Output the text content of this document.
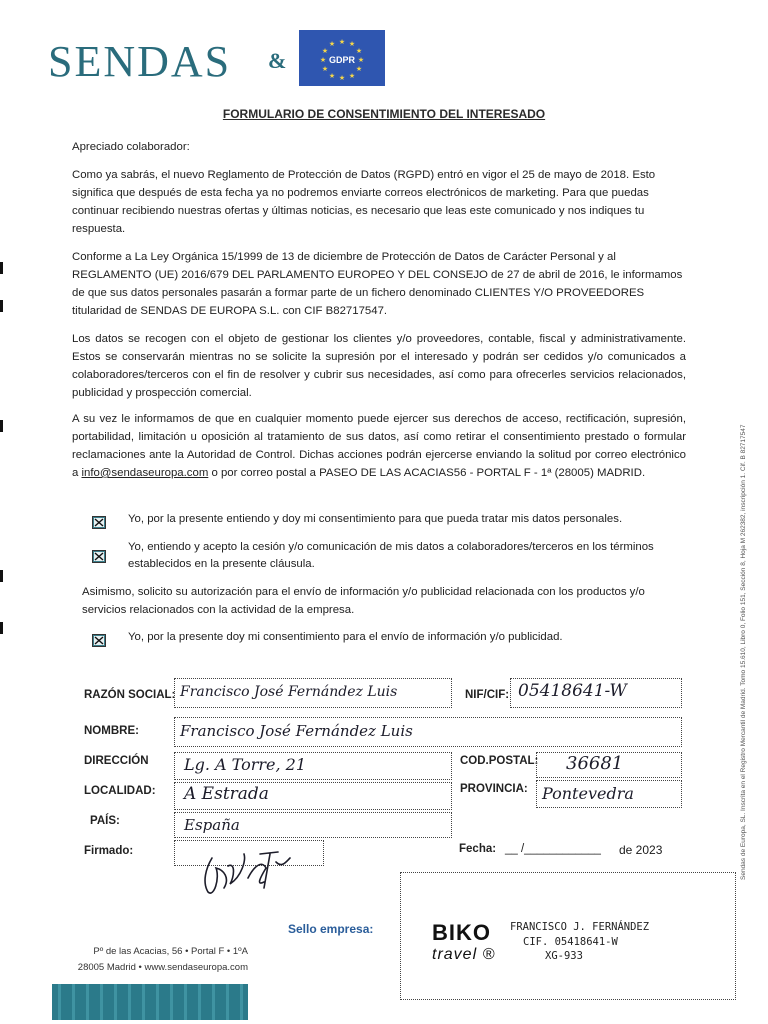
SENDAS &
★ ★
★
★
★
★
★
★
★
★
★
★
GDPR
FORMULARIO DE CONSENTIMIENTO DEL INTERESADO
Apreciado colaborador:
Como ya sabrás, el nuevo Reglamento de Protección de Datos (RGPD) entró en vigor el 25 de mayo de 2018. Esto significa que después de esta fecha ya no podremos enviarte correos electrónicos de marketing. Para que puedas continuar recibiendo nuestras ofertas y últimas noticias, es necesario que leas este comunicado y nos indiques tu respuesta.
Conforme a La Ley Orgánica 15/1999 de 13 de diciembre de Protección de Datos de Carácter Personal y al REGLAMENTO (UE) 2016/679 DEL PARLAMENTO EUROPEO Y DEL CONSEJO de 27 de abril de 2016, le informamos de que sus datos personales pasarán a formar parte de un fichero denominado CLIENTES Y/O PROVEEDORES titularidad de SENDAS DE EUROPA S.L. con CIF B82717547.
Los datos se recogen con el objeto de gestionar los clientes y/o proveedores, contable, fiscal y administrativamente. Estos se conservarán mientras no se solicite la supresión por el interesado y podrán ser cedidos y/o comunicados a colaboradores/terceros con el fin de resolver y cubrir sus necesidades, así como para ofrecerles servicios relacionados, publicidad y prospección comercial.
A su vez le informamos de que en cualquier momento puede ejercer sus derechos de acceso, rectificación, supresión, portabilidad, limitación u oposición al tratamiento de sus datos, así como retirar el consentimiento prestado o formular reclamaciones ante la Autoridad de Control. Dichas acciones podrán ejercerse enviando la solitud por correo electrónico a info@sendaseuropa.com o por correo postal a PASEO DE LAS ACACIAS56 - PORTAL F - 1ª (28005) MADRID.
Yo, por la presente entiendo y doy mi consentimiento para que pueda tratar mis datos personales.
Yo, entiendo y acepto la cesión y/o comunicación de mis datos a colaboradores/terceros en los términos establecidos en la presente cláusula.
Asimismo, solicito su autorización para el envío de información y/o publicidad relacionada con los productos y/o servicios relacionados con la actividad de la empresa.
Yo, por la presente doy mi consentimiento para el envío de información y/o publicidad.
RAZÓN SOCIAL: Francisco José Fernández Luis	NIF/CIF: 05418641-W
NOMBRE:	Francisco José Fernández Luis
DIRECCIÓN Lg. A Torre, 21	COD.POSTAL: 36681
LOCALIDAD: A Estrada	PROVINCIA: Pontevedra
PAÍS:	España
Firmado:	Fecha: __ /____________ de 2023
Pº de las Acacias, 56 • Portal F • 1ºA
28005 Madrid • www.sendaseuropa.com
Sello empresa:	BIKO
travel ®
FRANCISCO J. FERNÁNDEZ
CIF. 05418641-W
XG-933
Sendas de Europa, SL. Inscrita en el Registro Mercantil de Madrid. Tomo 15.610, Libro 0, Folio 151, Sección 8, Hoja M 262382, inscripción 1. Cif. B 82717547
